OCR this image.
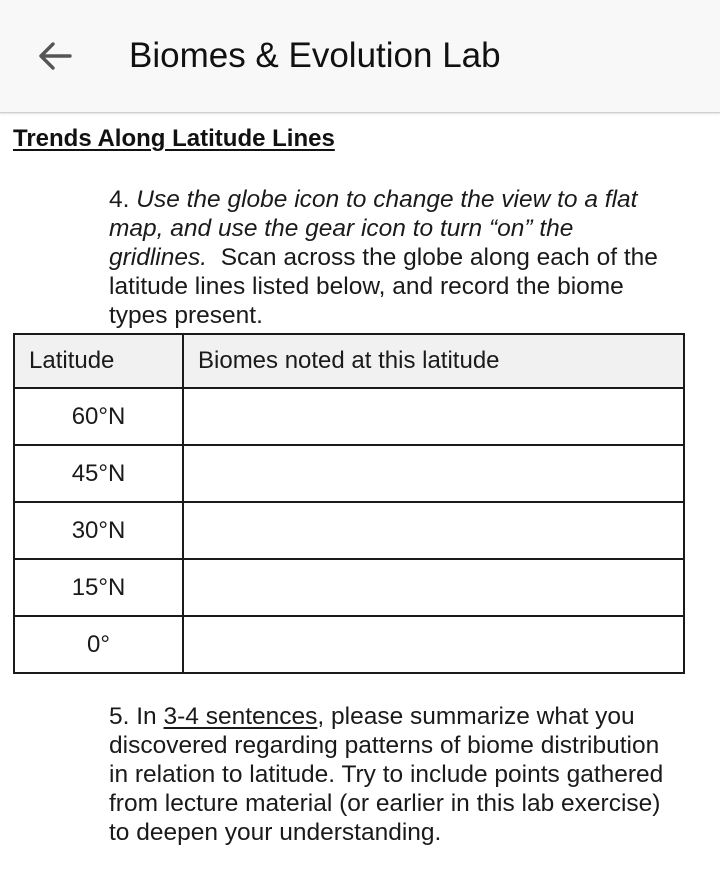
Biomes & Evolution Lab
Trends Along Latitude Lines
4. Use the globe icon to change the view to a flat map, and use the gear icon to turn “on” the gridlines. Scan across the globe along each of the latitude lines listed below, and record the biome types present.
Latitude	Biomes noted at this latitude
60°N	
45°N	
30°N	
15°N	
0°	
5. In 3-4 sentences, please summarize what you discovered regarding patterns of biome distribution in relation to latitude. Try to include points gathered from lecture material (or earlier in this lab exercise) to deepen your understanding.
